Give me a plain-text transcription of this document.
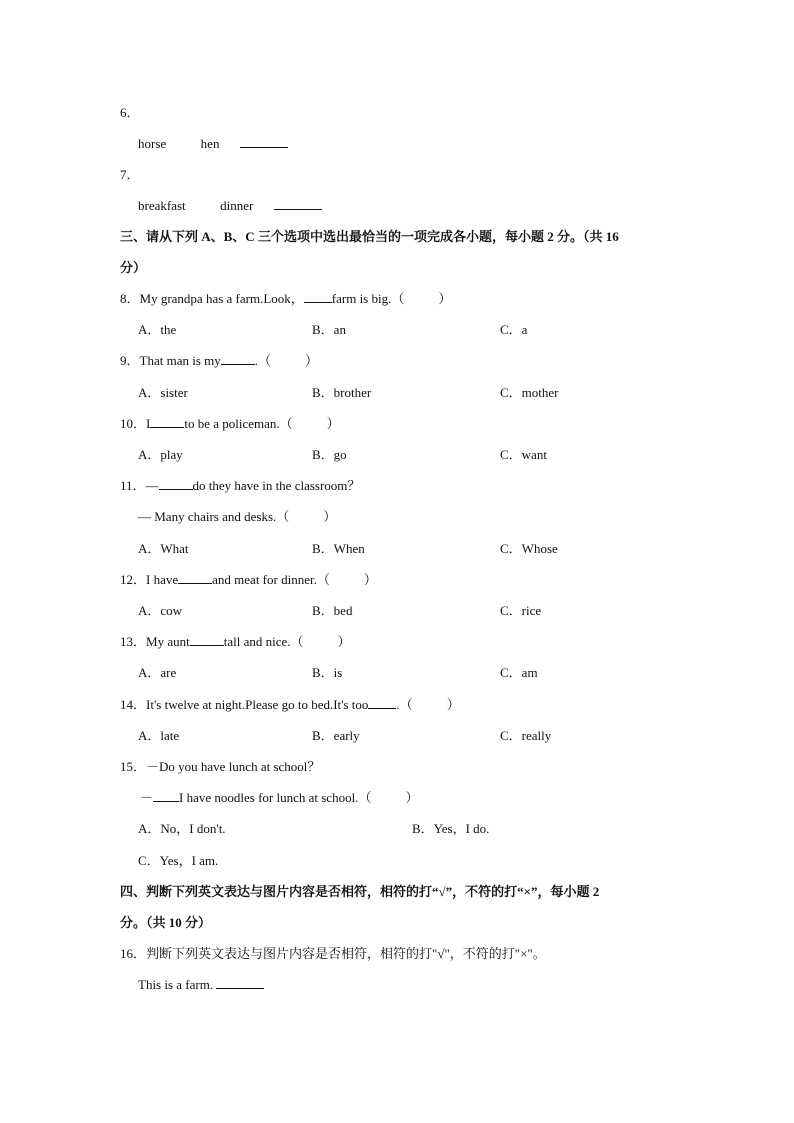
6．
horse	hen
7．
breakfast	dinner
三、请从下列 A、B、C 三个选项中选出最恰当的一项完成各小题，每小题 2 分。（共 16
分）
8．My grandpa has a farm.Look， farm is big.（	）
A．the	B．an	C．a
9．That man is my	.（	）
A．sister	B．brother	C．mother
10．I	to be a policeman.（	）
A．play	B．go	C．want
11．—	do they have in the classroom？
— Many chairs and desks.（	）
A．What	B．When	C．Whose
12．I have	and meat for dinner.（	）
A．cow	B．bed	C．rice
13．My aunt	tall and nice.（	）
A．are	B．is	C．am
14．It's twelve at night.Please go to bed.It's too .（	）
A．late	B．early	C．really
15．－Do you have lunch at school？
－ I have noodles for lunch at school.（	）
A．No，I don't.	B．Yes，I do.
C．Yes，I am.
四、判断下列英文表达与图片内容是否相符，相符的打“√”，不符的打“×”，每小题 2
分。（共 10 分）
16．判断下列英文表达与图片内容是否相符，相符的打"√"，不符的打"×"。
This is a farm.
